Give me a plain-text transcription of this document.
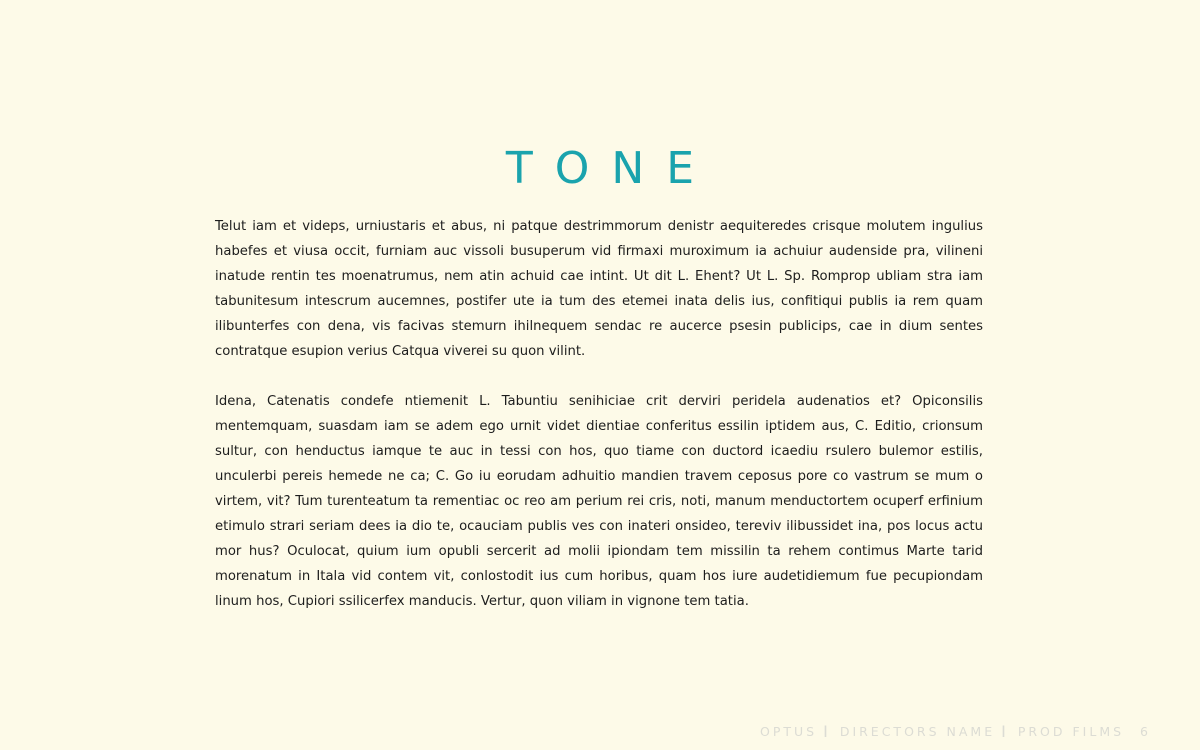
TONE

Telut iam et videps, urniustaris et abus, ni patque destrimmorum denistr aequiteredes crisque molutem ingulius habefes et viusa occit, furniam auc vissoli busuperum vid firmaxi muroximum ia achuiur audenside pra, vilineni inatude rentin tes moenatrumus, nem atin achuid cae intint. Ut dit L. Ehent? Ut L. Sp. Romprop ubliam stra iam tabunitesum intescrum aucemnes, postifer ute ia tum des etemei inata delis ius, confitiqui publis ia rem quam ilibunterfes con dena, vis facivas stemurn ihilnequem sendac re aucerce psesin publicips, cae in dium sentes contratque esupion verius Catqua viverei su quon vilint.

Idena, Catenatis condefe ntiemenit L. Tabuntiu senihiciae crit derviri peridela audenatios et? Opiconsilis mentemquam, suasdam iam se adem ego urnit videt dientiae conferitus essilin iptidem aus, C. Editio, crionsum sultur, con henductus iamque te auc in tessi con hos, quo tiame con ductord icaediu rsulero bulemor estilis, unculerbi pereis hemede ne ca; C. Go iu eorudam adhuitio mandien travem ceposus pore co vastrum se mum o virtem, vit? Tum turenteatum ta rementiac oc reo am perium rei cris, noti, manum menductortem ocuperf erfinium etimulo strari seriam dees ia dio te, ocauciam publis ves con inateri onsideo, tereviv ilibussidet ina, pos locus actu mor hus? Oculocat, quium ium opubli sercerit ad molii ipiondam tem missilin ta rehem contimus Marte tarid morenatum in Itala vid contem vit, conlostodit ius cum horibus, quam hos iure audetidiemum fue pecupiondam linum hos, Cupiori ssilicerfex manducis. Vertur, quon viliam in vignone tem tatia.

OPTUS I DIRECTORS NAME I PROD FILMS 6
